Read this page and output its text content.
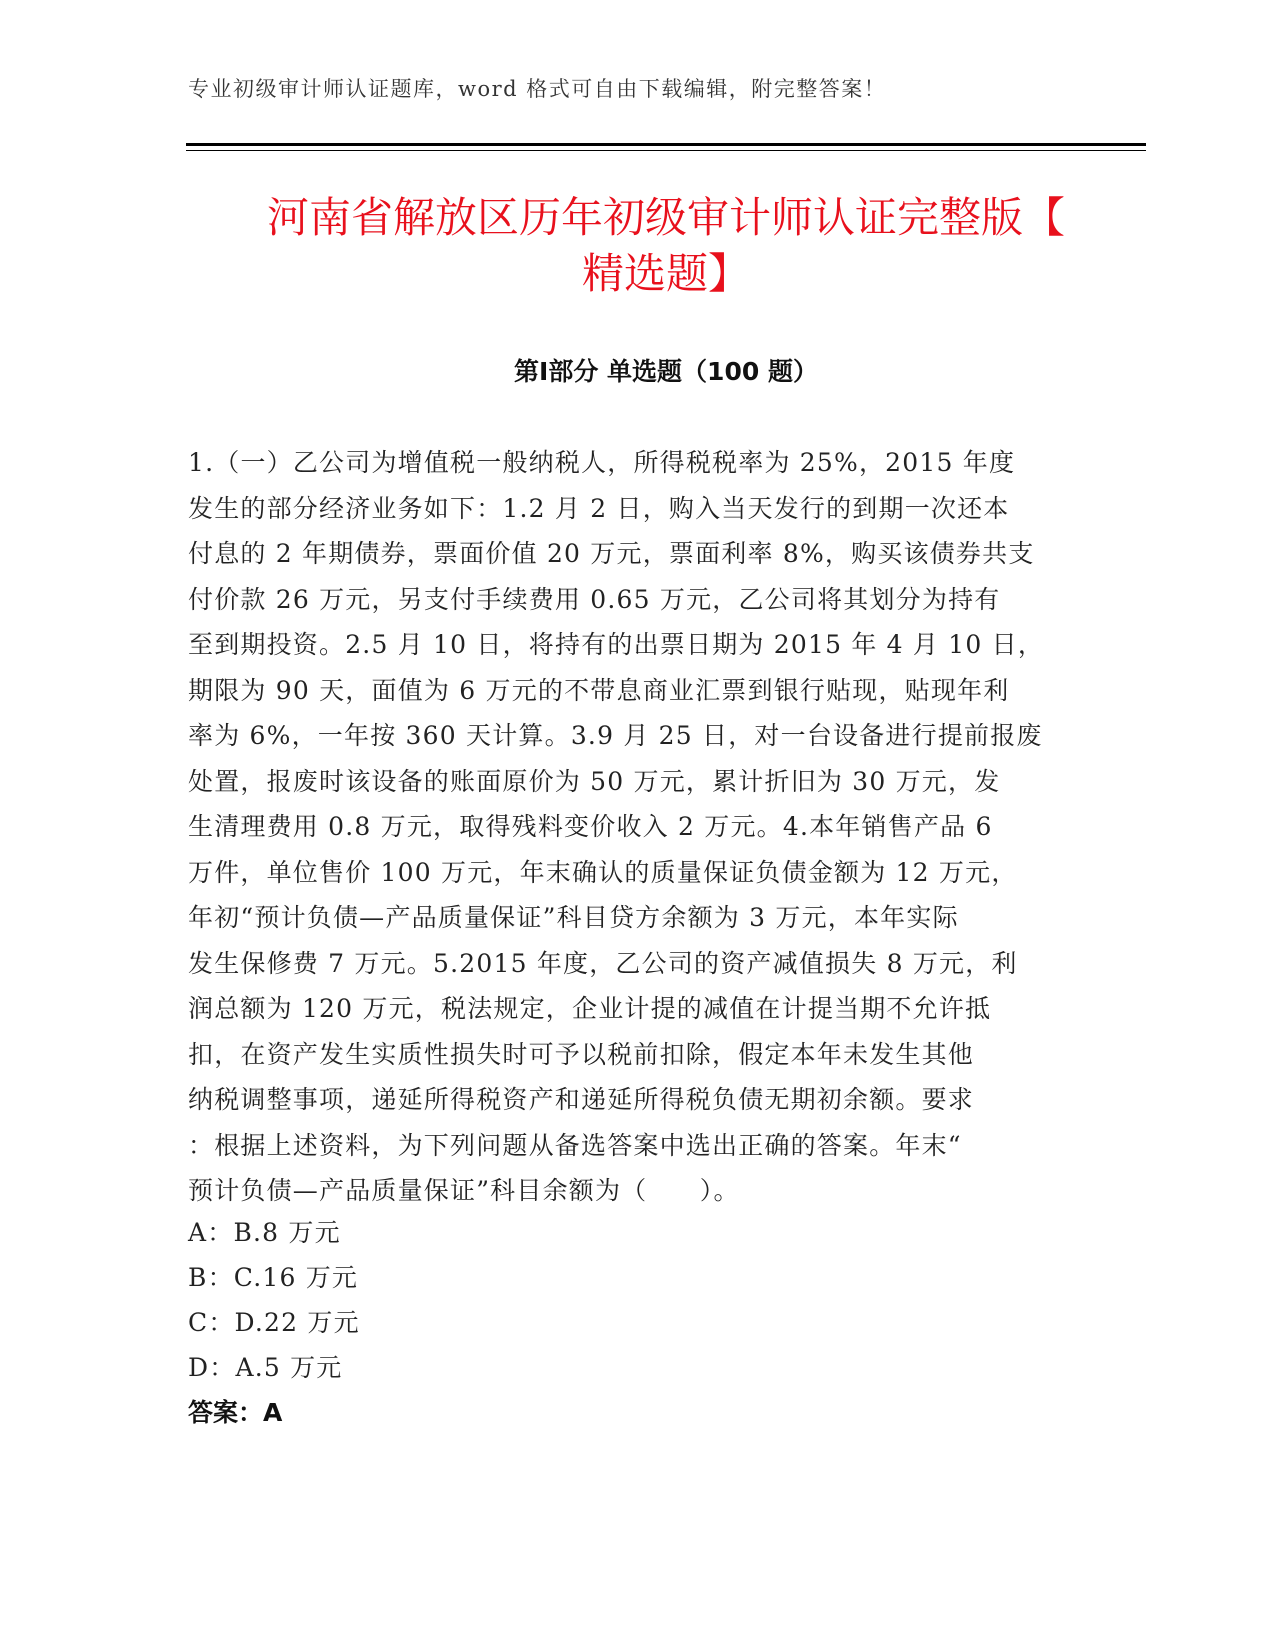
专业初级审计师认证题库，word 格式可自由下载编辑，附完整答案！
河南省解放区历年初级审计师认证完整版【
精选题】
第Ⅰ部分 单选题（100 题）
1.（一）乙公司为增值税一般纳税人，所得税税率为 25%，2015 年度
发生的部分经济业务如下：1.2 月 2 日，购入当天发行的到期一次还本
付息的 2 年期债券，票面价值 20 万元，票面利率 8%，购买该债券共支
付价款 26 万元，另支付手续费用 0.65 万元，乙公司将其划分为持有
至到期投资。2.5 月 10 日，将持有的出票日期为 2015 年 4 月 10 日，
期限为 90 天，面值为 6 万元的不带息商业汇票到银行贴现，贴现年利
率为 6%，一年按 360 天计算。3.9 月 25 日，对一台设备进行提前报废
处置，报废时该设备的账面原价为 50 万元，累计折旧为 30 万元，发
生清理费用 0.8 万元，取得残料变价收入 2 万元。4.本年销售产品 6
万件，单位售价 100 万元，年末确认的质量保证负债金额为 12 万元，
年初“预计负债—产品质量保证”科目贷方余额为 3 万元，本年实际
发生保修费 7 万元。5.2015 年度，乙公司的资产减值损失 8 万元，利
润总额为 120 万元，税法规定，企业计提的减值在计提当期不允许抵
扣，在资产发生实质性损失时可予以税前扣除，假定本年未发生其他
纳税调整事项，递延所得税资产和递延所得税负债无期初余额。要求
：根据上述资料，为下列问题从备选答案中选出正确的答案。年末“
预计负债—产品质量保证”科目余额为（　　）。
A：B.8 万元
B：C.16 万元
C：D.22 万元
D：A.5 万元
答案：A
